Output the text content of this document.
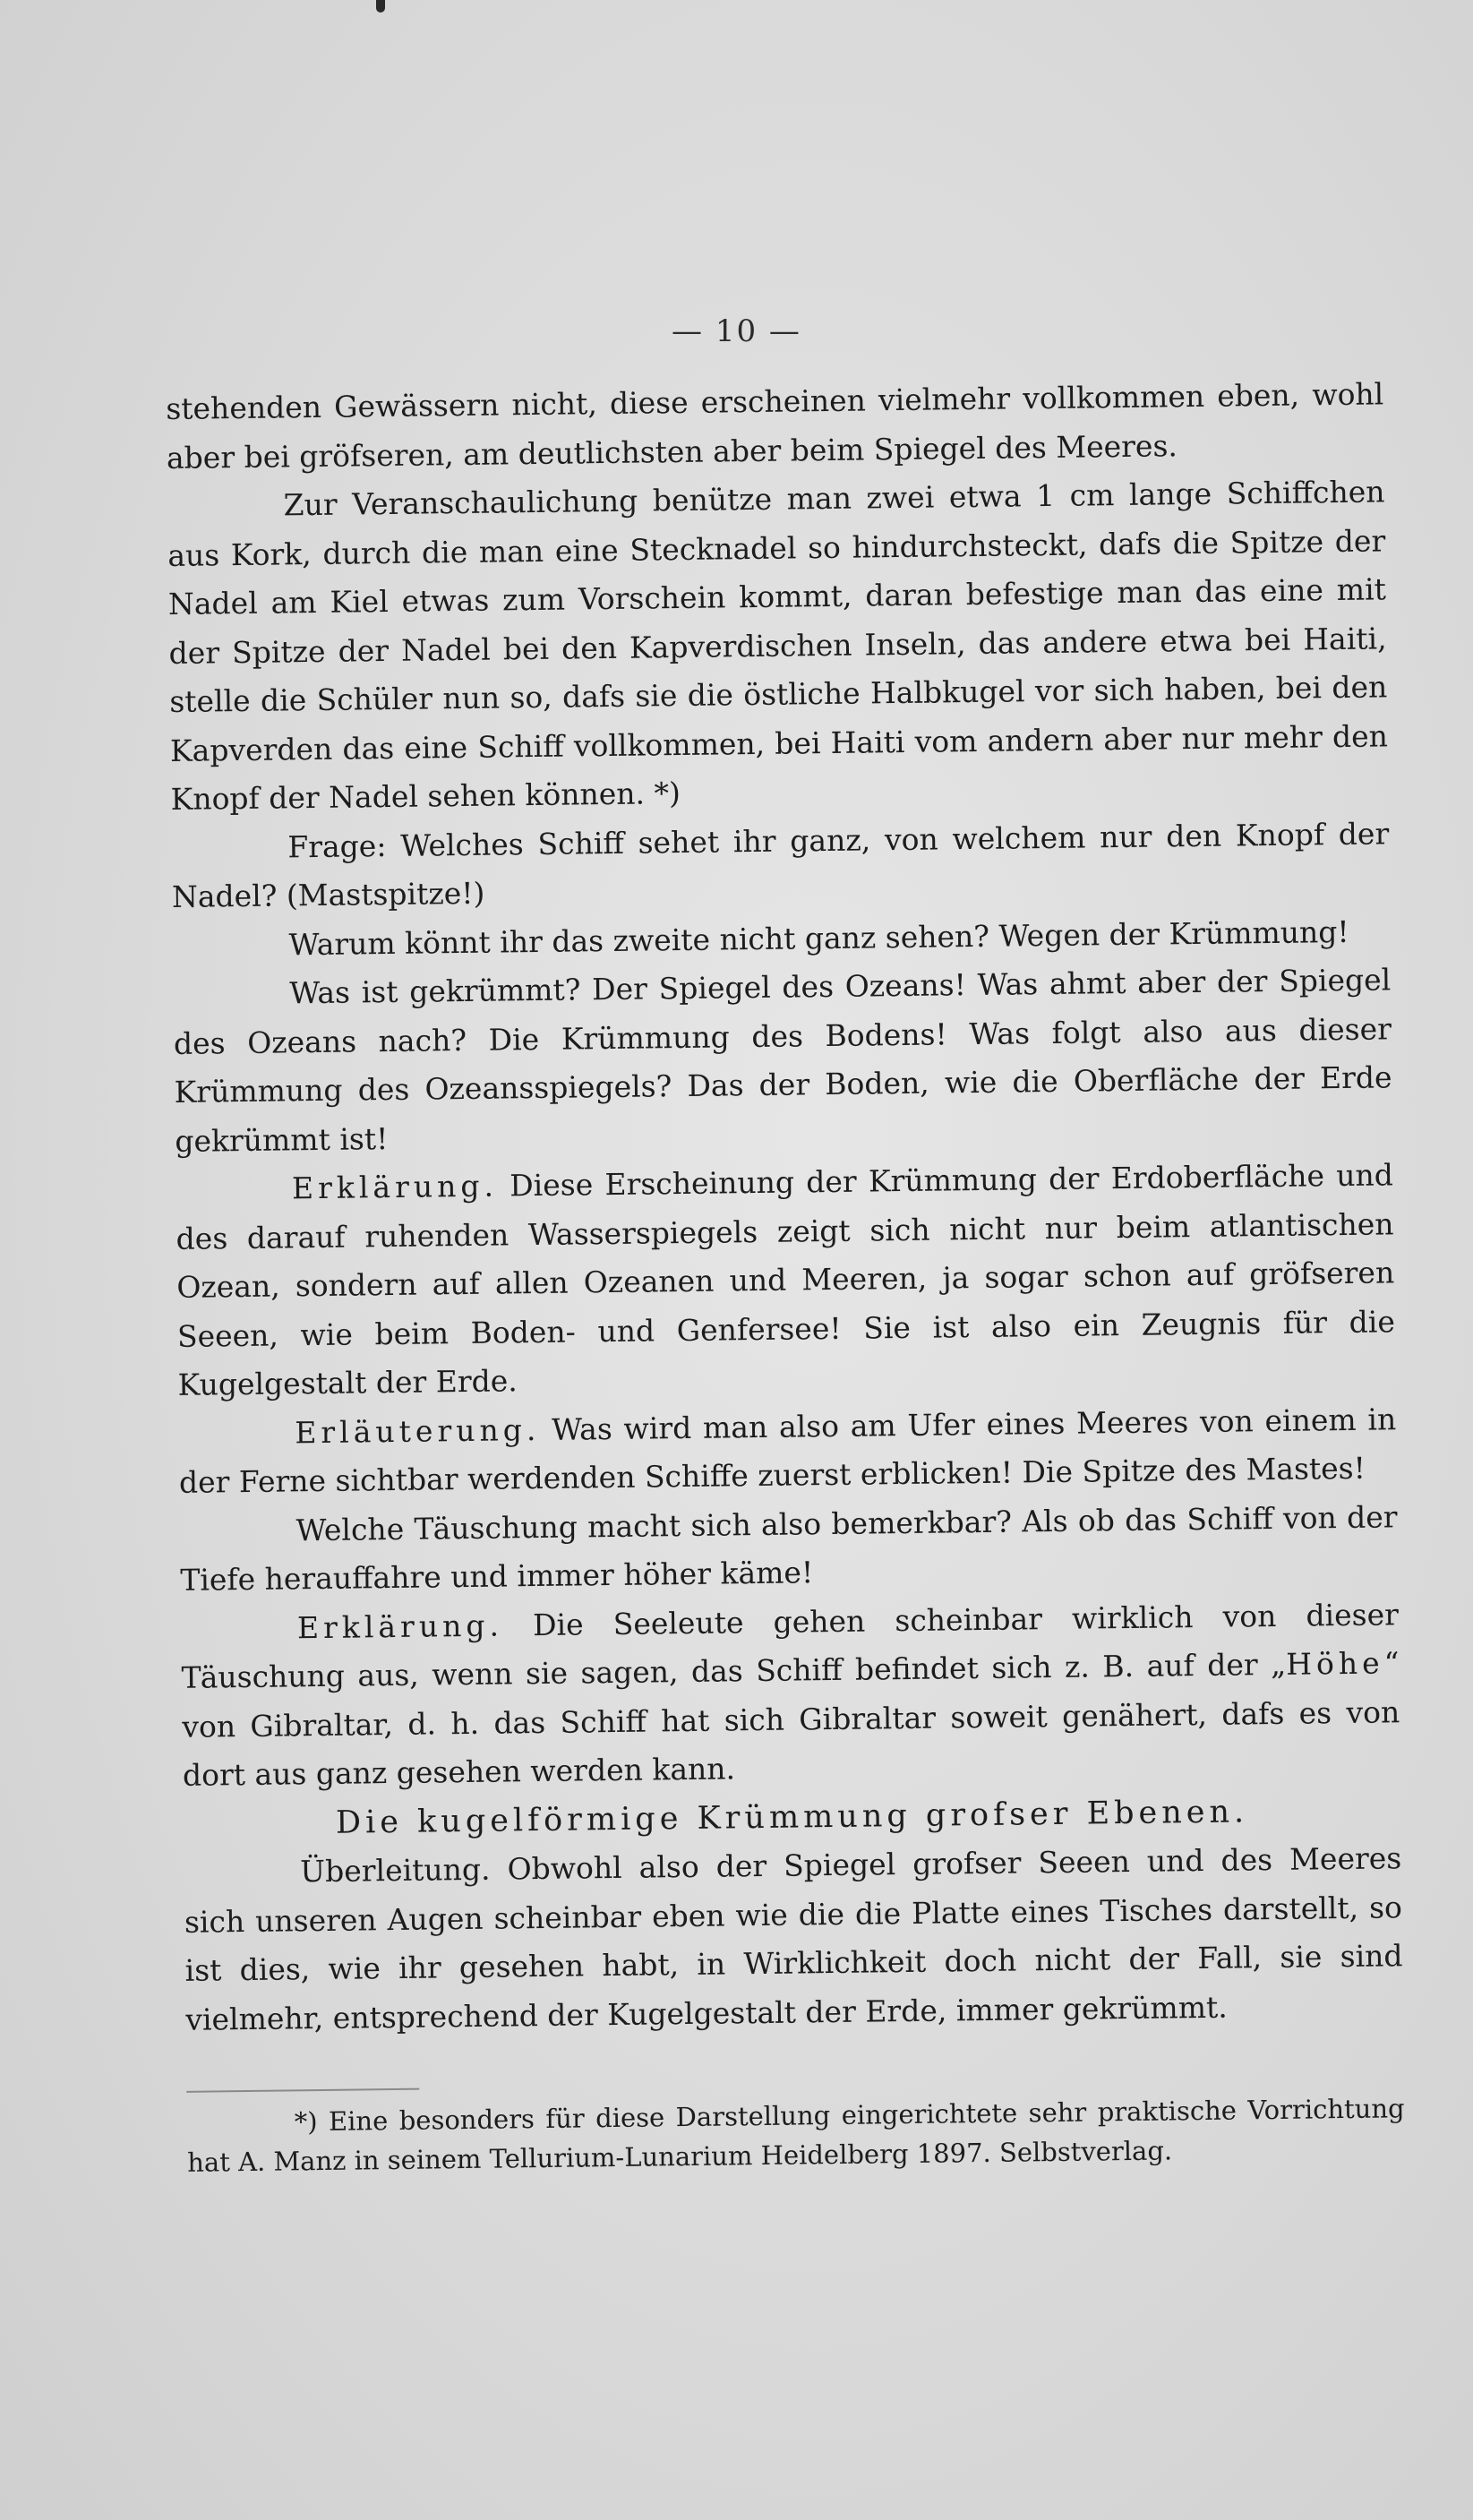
— 10 —

stehenden Gewässern nicht, diese erscheinen vielmehr vollkommen eben, wohl aber bei gröfseren, am deutlichsten aber beim Spiegel des Meeres.

Zur Veranschaulichung benütze man zwei etwa 1 cm lange Schiffchen aus Kork, durch die man eine Stecknadel so hindurchsteckt, dafs die Spitze der Nadel am Kiel etwas zum Vorschein kommt, daran befestige man das eine mit der Spitze der Nadel bei den Kapverdischen Inseln, das andere etwa bei Haiti, stelle die Schüler nun so, dafs sie die östliche Halbkugel vor sich haben, bei den Kapverden das eine Schiff vollkommen, bei Haiti vom andern aber nur mehr den Knopf der Nadel sehen können. *)

Frage: Welches Schiff sehet ihr ganz, von welchem nur den Knopf der Nadel? (Mastspitze!)

Warum könnt ihr das zweite nicht ganz sehen? Wegen der Krümmung!

Was ist gekrümmt? Der Spiegel des Ozeans! Was ahmt aber der Spiegel des Ozeans nach? Die Krümmung des Bodens! Was folgt also aus dieser Krümmung des Ozeansspiegels? Das der Boden, wie die Oberfläche der Erde gekrümmt ist!

Erklärung. Diese Erscheinung der Krümmung der Erdoberfläche und des darauf ruhenden Wasserspiegels zeigt sich nicht nur beim atlantischen Ozean, sondern auf allen Ozeanen und Meeren, ja sogar schon auf gröfseren Seeen, wie beim Boden- und Genfersee! Sie ist also ein Zeugnis für die Kugelgestalt der Erde.

Erläuterung. Was wird man also am Ufer eines Meeres von einem in der Ferne sichtbar werdenden Schiffe zuerst erblicken! Die Spitze des Mastes!

Welche Täuschung macht sich also bemerkbar? Als ob das Schiff von der Tiefe herauffahre und immer höher käme!

Erklärung. Die Seeleute gehen scheinbar wirklich von dieser Täuschung aus, wenn sie sagen, das Schiff befindet sich z. B. auf der „Höhe“ von Gibraltar, d. h. das Schiff hat sich Gibraltar soweit genähert, dafs es von dort aus ganz gesehen werden kann.

Die kugelförmige Krümmung grofser Ebenen.

Überleitung. Obwohl also der Spiegel grofser Seeen und des Meeres sich unseren Augen scheinbar eben wie die die Platte eines Tisches darstellt, so ist dies, wie ihr gesehen habt, in Wirklichkeit doch nicht der Fall, sie sind vielmehr, entsprechend der Kugelgestalt der Erde, immer gekrümmt.

*) Eine besonders für diese Darstellung eingerichtete sehr praktische Vorrichtung hat A. Manz in seinem Tellurium-Lunarium Heidelberg 1897. Selbstverlag.
